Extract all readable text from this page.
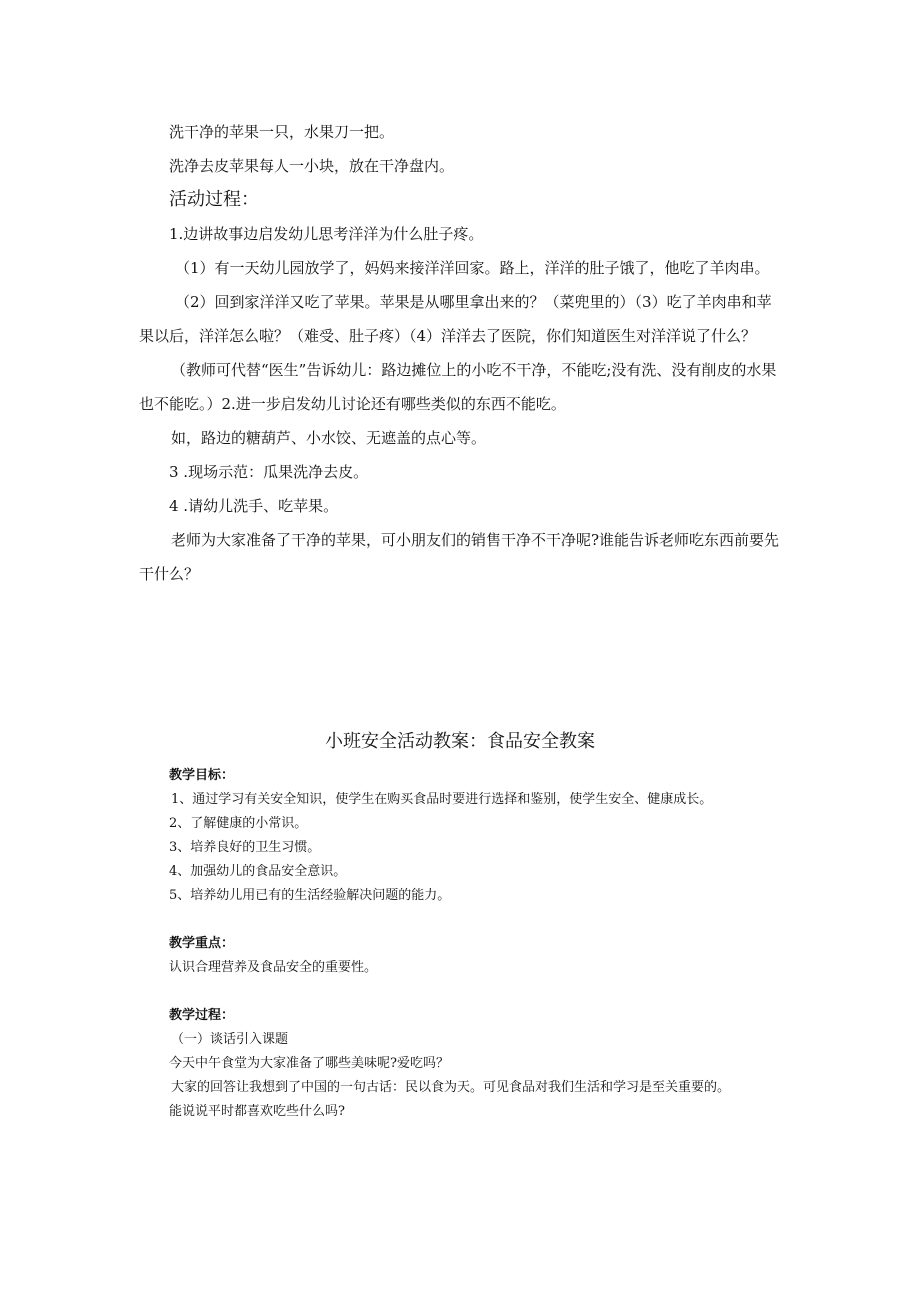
洗干净的苹果一只，水果刀一把。

洗净去皮苹果每人一小块，放在干净盘内。

活动过程：

1.边讲故事边启发幼儿思考洋洋为什么肚子疼。

（1）有一天幼儿园放学了，妈妈来接洋洋回家。路上，洋洋的肚子饿了，他吃了羊肉串。

（2）回到家洋洋又吃了苹果。苹果是从哪里拿出来的？（菜兜里的）（3）吃了羊肉串和苹果以后，洋洋怎么啦？（难受、肚子疼）（4）洋洋去了医院，你们知道医生对洋洋说了什么？

（教师可代替“医生”告诉幼儿：路边摊位上的小吃不干净，不能吃;没有洗、没有削皮的水果也不能吃。）2.进一步启发幼儿讨论还有哪些类似的东西不能吃。

如，路边的糖葫芦、小水饺、无遮盖的点心等。

3 .现场示范：瓜果洗净去皮。

4 .请幼儿洗手、吃苹果。

老师为大家准备了干净的苹果，可小朋友们的销售干净不干净呢?谁能告诉老师吃东西前要先干什么？

小班安全活动教案：食品安全教案

教学目标：

1、通过学习有关安全知识，使学生在购买食品时要进行选择和鉴别，使学生安全、健康成长。

2、了解健康的小常识。

3、培养良好的卫生习惯。

4、加强幼儿的食品安全意识。

5、培养幼儿用已有的生活经验解决问题的能力。

教学重点：

认识合理营养及食品安全的重要性。

教学过程：

（一）谈话引入课题

今天中午食堂为大家准备了哪些美味呢?爱吃吗？

大家的回答让我想到了中国的一句古话：民以食为天。可见食品对我们生活和学习是至关重要的。

能说说平时都喜欢吃些什么吗?
